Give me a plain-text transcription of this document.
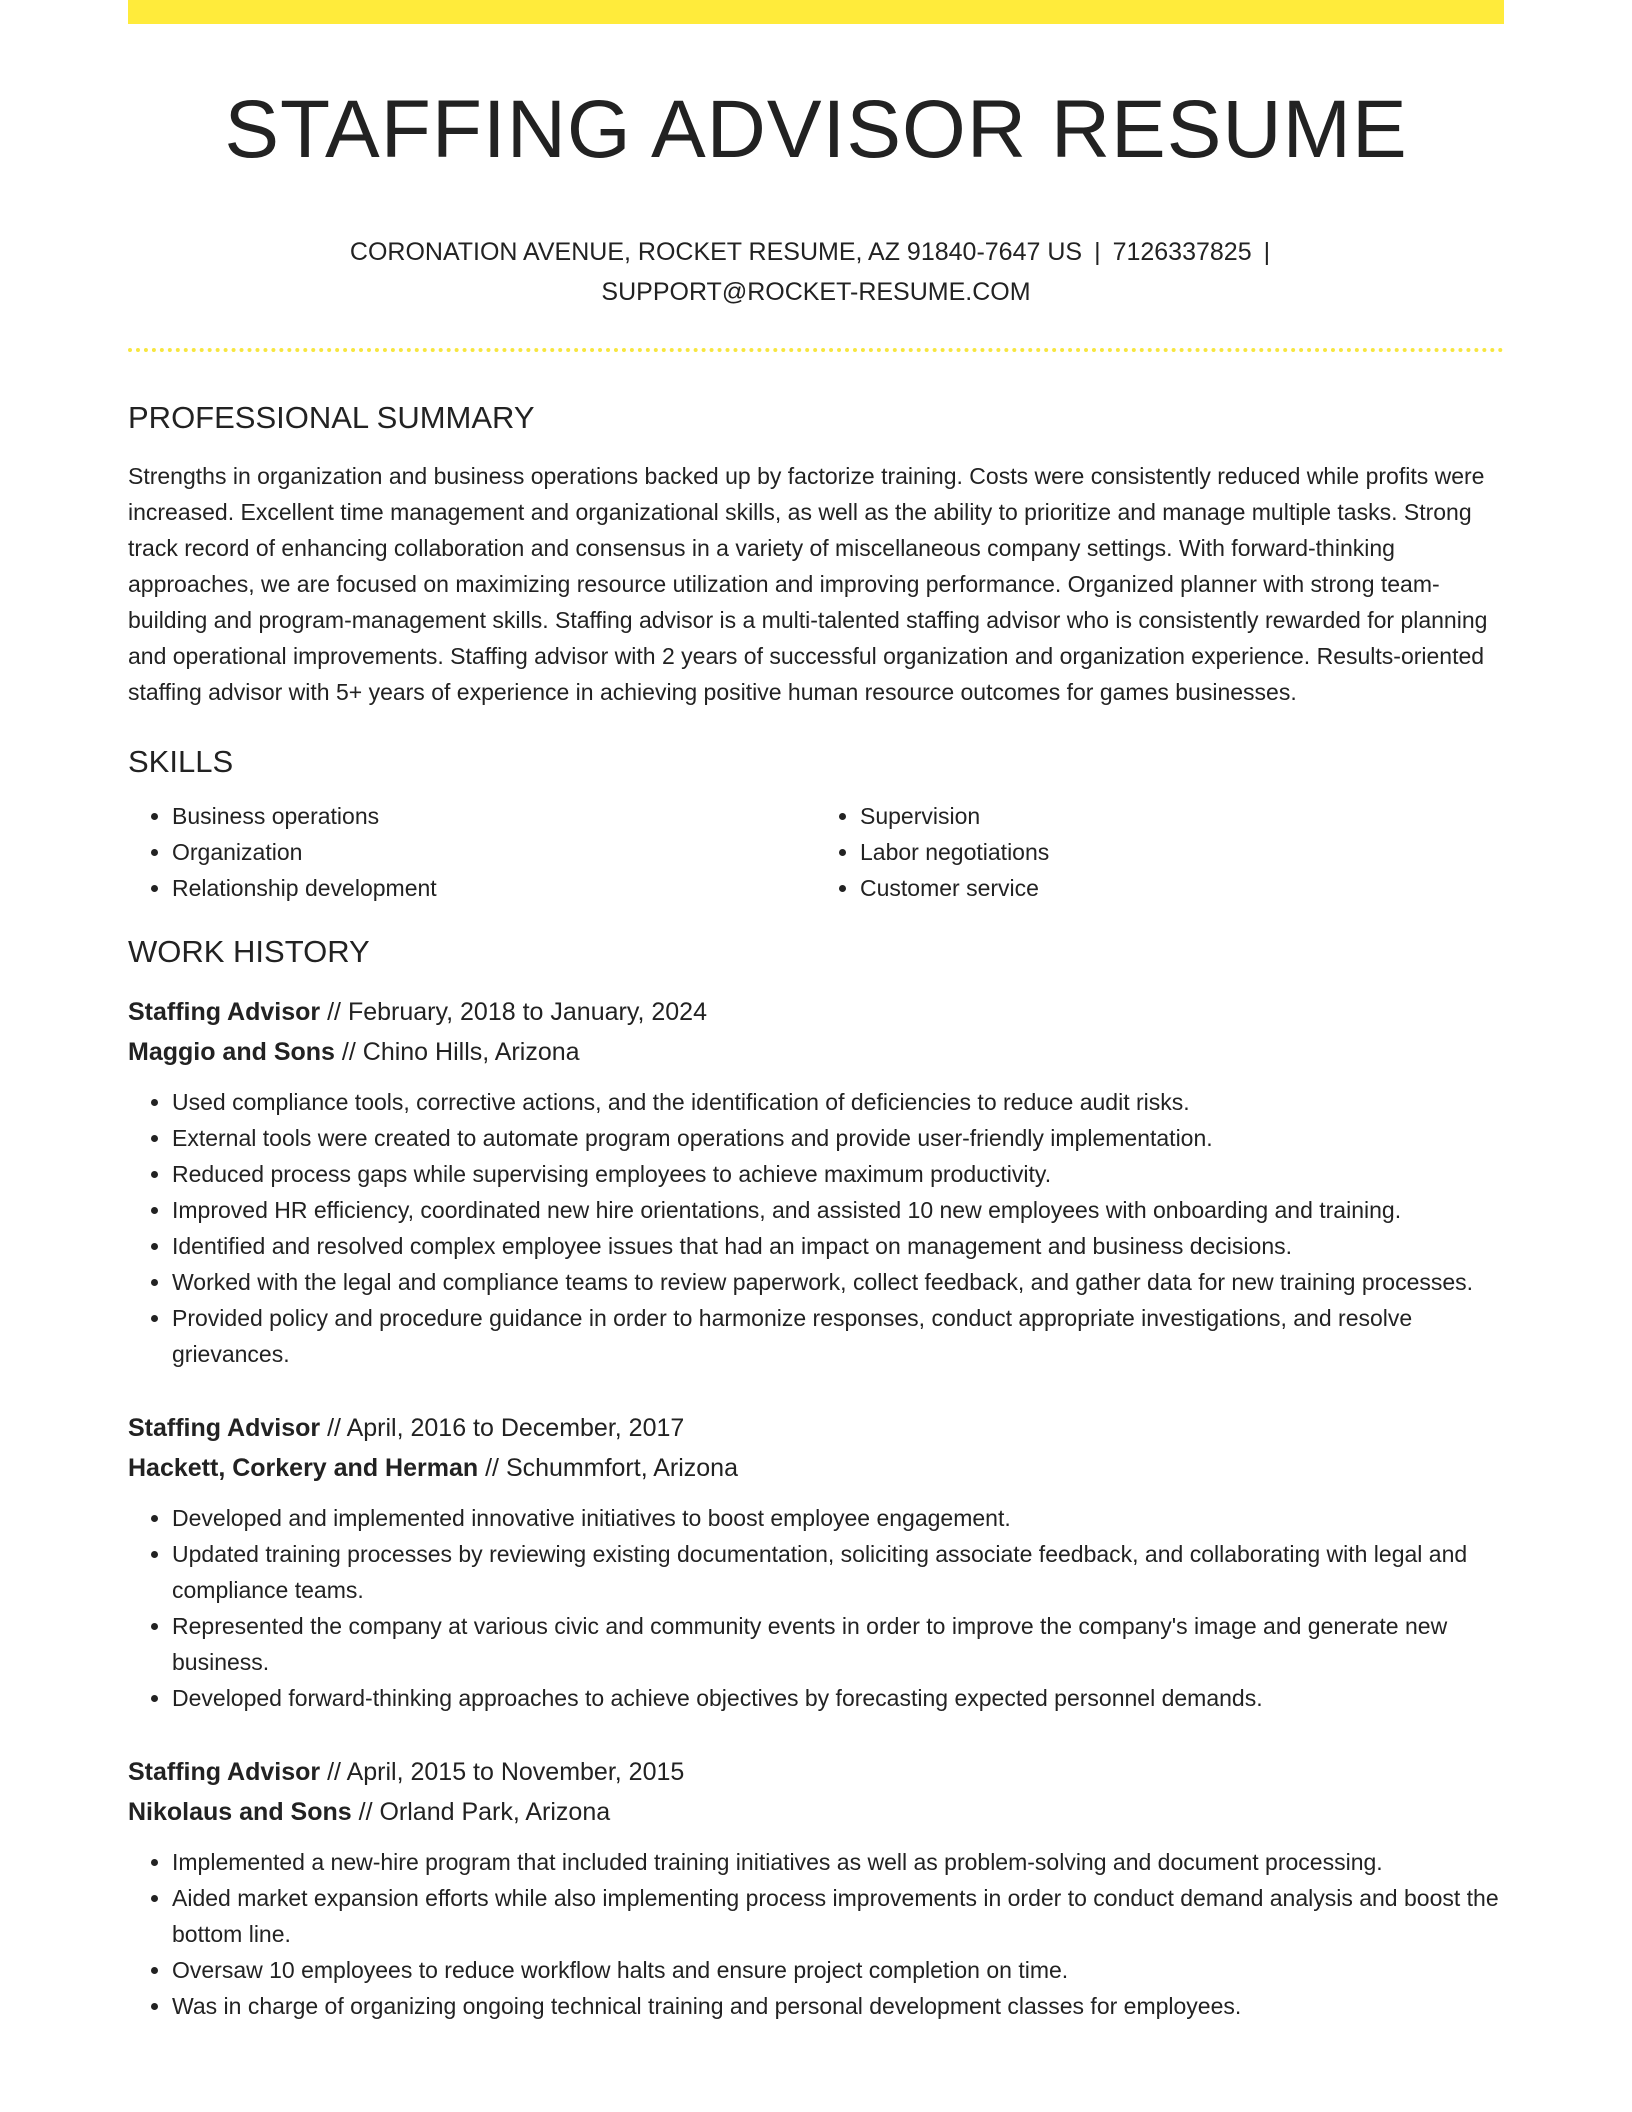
STAFFING ADVISOR RESUME
CORONATION AVENUE, ROCKET RESUME, AZ 91840-7647 US | 7126337825 |
SUPPORT@ROCKET-RESUME.COM
PROFESSIONAL SUMMARY
Strengths in organization and business operations backed up by factorize training. Costs were consistently reduced while profits were increased. Excellent time management and organizational skills, as well as the ability to prioritize and manage multiple tasks. Strong track record of enhancing collaboration and consensus in a variety of miscellaneous company settings. With forward-thinking approaches, we are focused on maximizing resource utilization and improving performance. Organized planner with strong team-building and program-management skills. Staffing advisor is a multi-talented staffing advisor who is consistently rewarded for planning and operational improvements. Staffing advisor with 2 years of successful organization and organization experience. Results-oriented staffing advisor with 5+ years of experience in achieving positive human resource outcomes for games businesses.
SKILLS
• Business operations
• Organization
• Relationship development
• Supervision
• Labor negotiations
• Customer service
WORK HISTORY
Staffing Advisor // February, 2018 to January, 2024
Maggio and Sons // Chino Hills, Arizona
• Used compliance tools, corrective actions, and the identification of deficiencies to reduce audit risks.
• External tools were created to automate program operations and provide user-friendly implementation.
• Reduced process gaps while supervising employees to achieve maximum productivity.
• Improved HR efficiency, coordinated new hire orientations, and assisted 10 new employees with onboarding and training.
• Identified and resolved complex employee issues that had an impact on management and business decisions.
• Worked with the legal and compliance teams to review paperwork, collect feedback, and gather data for new training processes.
• Provided policy and procedure guidance in order to harmonize responses, conduct appropriate investigations, and resolve grievances.
Staffing Advisor // April, 2016 to December, 2017
Hackett, Corkery and Herman // Schummfort, Arizona
• Developed and implemented innovative initiatives to boost employee engagement.
• Updated training processes by reviewing existing documentation, soliciting associate feedback, and collaborating with legal and compliance teams.
• Represented the company at various civic and community events in order to improve the company's image and generate new business.
• Developed forward-thinking approaches to achieve objectives by forecasting expected personnel demands.
Staffing Advisor // April, 2015 to November, 2015
Nikolaus and Sons // Orland Park, Arizona
• Implemented a new-hire program that included training initiatives as well as problem-solving and document processing.
• Aided market expansion efforts while also implementing process improvements in order to conduct demand analysis and boost the bottom line.
• Oversaw 10 employees to reduce workflow halts and ensure project completion on time.
• Was in charge of organizing ongoing technical training and personal development classes for employees.
